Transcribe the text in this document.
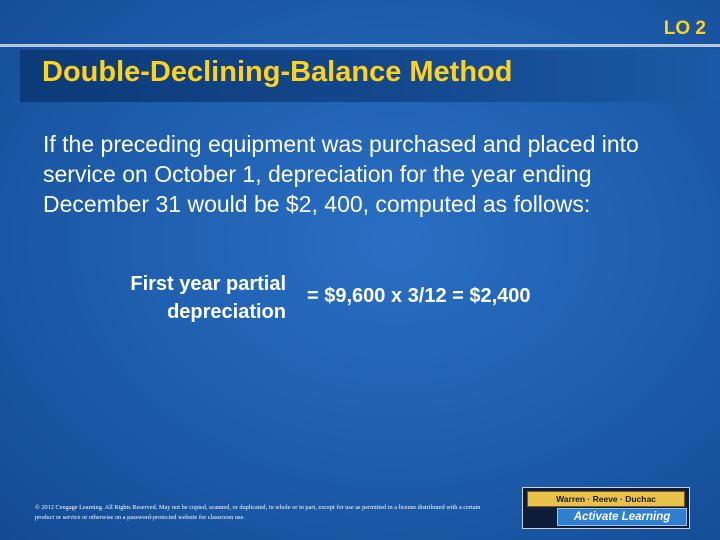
LO 2
Double-Declining-Balance Method
If the preceding equipment was purchased and placed into service on October 1, depreciation for the year ending December 31 would be $2, 400, computed as follows:
First year partial
depreciation
= $9,600 x 3/12 = $2,400
© 2012 Cengage Learning. All Rights Reserved. May not be copied, scanned, or duplicated, in whole or in part, except for use as permitted in a license distributed with a certain product or service or otherwise on a password-protected website for classroom use.
Warren · Reeve · Duchac
Activate Learning
